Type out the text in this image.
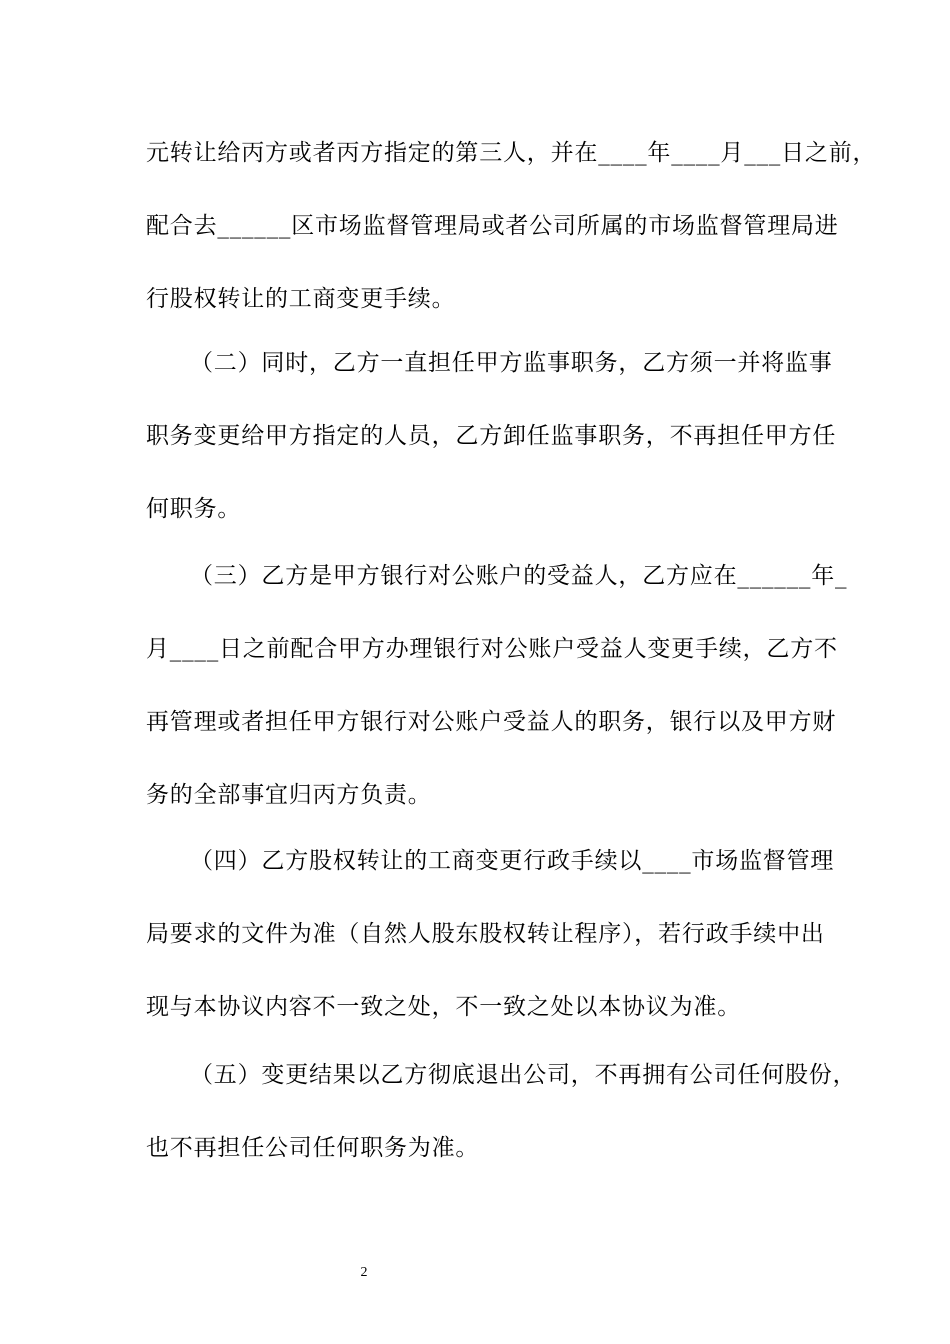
元转让给丙方或者丙方指定的第三人，并在____年____月___日之前，
配合去______区市场监督管理局或者公司所属的市场监督管理局进
行股权转让的工商变更手续。
（二）同时，乙方一直担任甲方监事职务，乙方须一并将监事
职务变更给甲方指定的人员，乙方卸任监事职务，不再担任甲方任
何职务。
（三）乙方是甲方银行对公账户的受益人，乙方应在______年_
月____日之前配合甲方办理银行对公账户受益人变更手续，乙方不
再管理或者担任甲方银行对公账户受益人的职务，银行以及甲方财
务的全部事宜归丙方负责。
（四）乙方股权转让的工商变更行政手续以____市场监督管理
局要求的文件为准（自然人股东股权转让程序），若行政手续中出
现与本协议内容不一致之处，不一致之处以本协议为准。
（五）变更结果以乙方彻底退出公司，不再拥有公司任何股份，
也不再担任公司任何职务为准。
2
